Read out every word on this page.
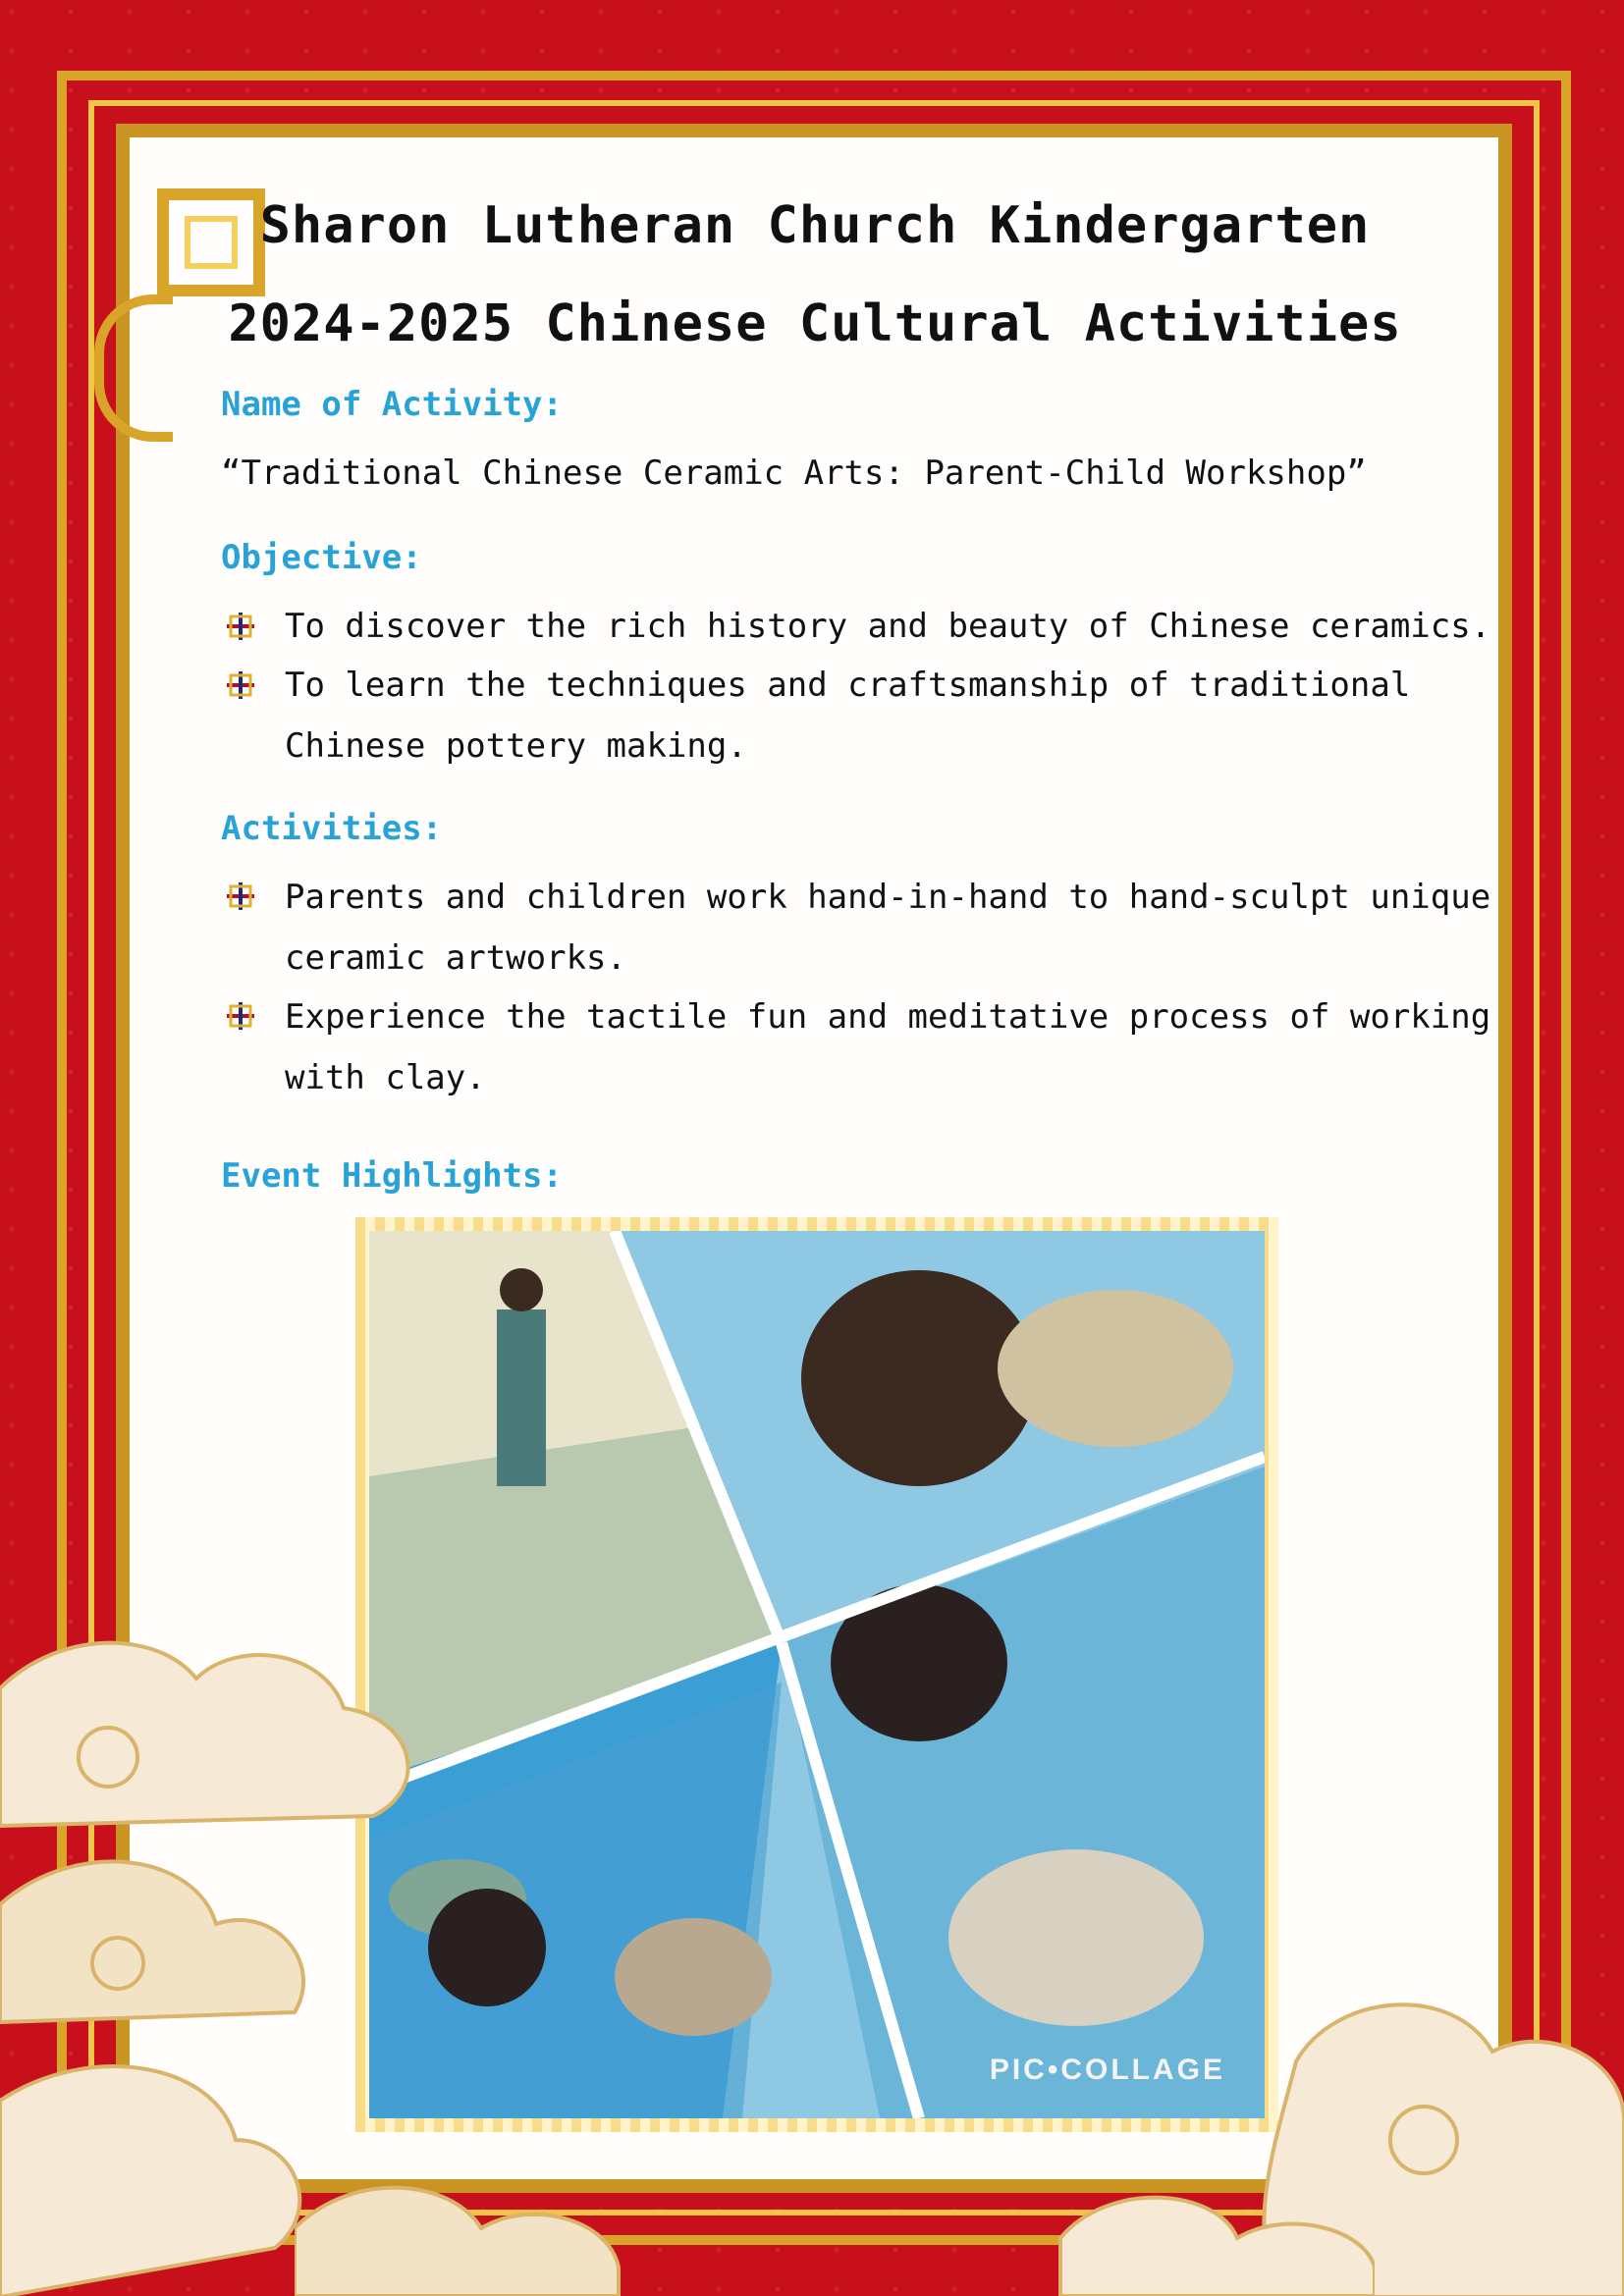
Sharon Lutheran Church Kindergarten
2024-2025 Chinese Cultural Activities
Name of Activity:
“Traditional Chinese Ceramic Arts: Parent-Child Workshop”
Objective:
To discover the rich history and beauty of Chinese ceramics.
To learn the techniques and craftsmanship of traditional
Chinese pottery making.
Activities:
Parents and children work hand-in-hand to hand-sculpt unique
ceramic artworks.
Experience the tactile fun and meditative process of working
with clay.
Event Highlights:
PIC•COLLAGE
